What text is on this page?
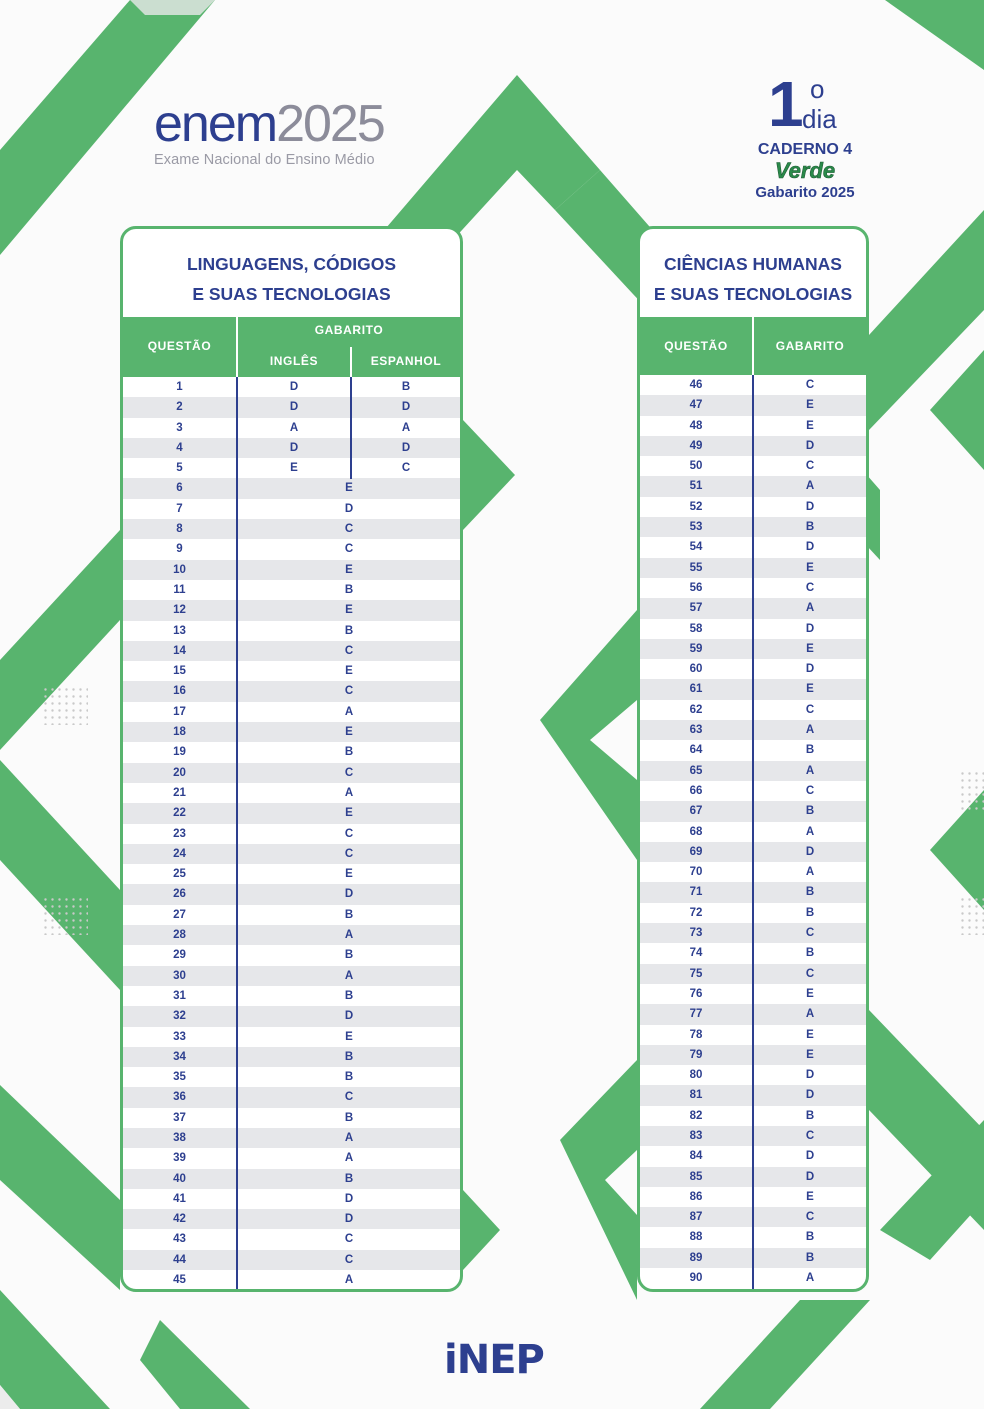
enem2025
Exame Nacional do Ensino Médio
1 o
dia
CADERNO 4
Verde
Gabarito 2025
LINGUAGENS, CÓDIGOS
E SUAS TECNOLOGIAS
QUESTÃO
GABARITO
INGLÊS	ESPANHOL
1	D	B
2	D	D
3	A	A
4	D	D
5	E	C
6	E
7	D
8	C
9	C
10	E
11	B
12	E
13	B
14	C
15	E
16	C
17	A
18	E
19	B
20	C
21	A
22	E
23	C
24	C
25	E
26	D
27	B
28	A
29	B
30	A
31	B
32	D
33	E
34	B
35	B
36	C
37	B
38	A
39	A
40	B
41	D
42	D
43	C
44	C
45	A
CIÊNCIAS HUMANAS
E SUAS TECNOLOGIAS
QUESTÃO	GABARITO
46	C
47	E
48	E
49	D
50	C
51	A
52	D
53	B
54	D
55	E
56	C
57	A
58	D
59	E
60	D
61	E
62	C
63	A
64	B
65	A
66	C
67	B
68	A
69	D
70	A
71	B
72	B
73	C
74	B
75	C
76	E
77	A
78	E
79	E
80	D
81	D
82	B
83	C
84	D
85	D
86	E
87	C
88	B
89	B
90	A
iNEP
